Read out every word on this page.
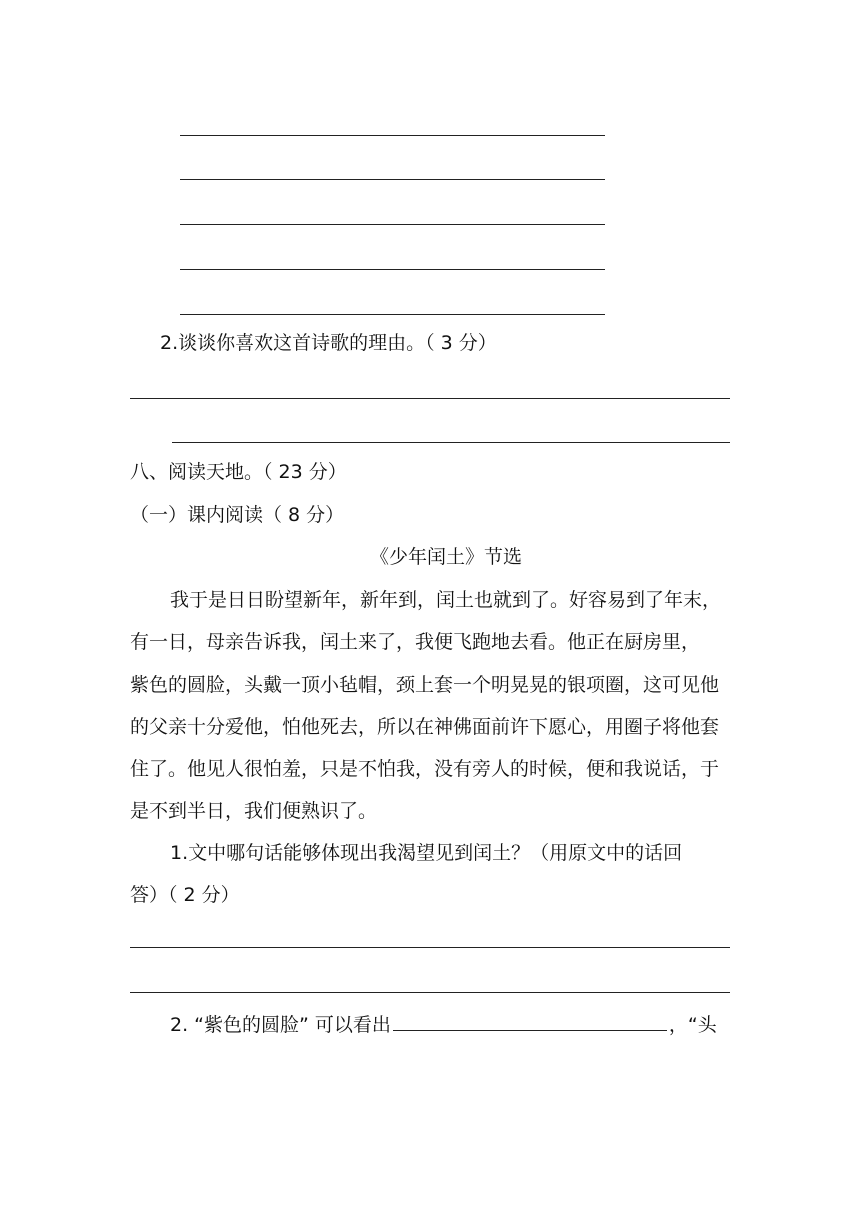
2.谈谈你喜欢这首诗歌的理由。（ 3 分）
八、阅读天地。（ 23 分）
（一）课内阅读（ 8 分）
《少年闰土》节选
我于是日日盼望新年，新年到，闰土也就到了。好容易到了年末，
有一日，母亲告诉我，闰土来了，我便飞跑地去看。他正在厨房里，
紫色的圆脸，头戴一顶小毡帽，颈上套一个明晃晃的银项圈，这可见他
的父亲十分爱他，怕他死去，所以在神佛面前许下愿心，用圈子将他套
住了。他见人很怕羞，只是不怕我，没有旁人的时候，便和我说话，于
是不到半日，我们便熟识了。
1.文中哪句话能够体现出我渴望见到闰土？（用原文中的话回
答）（ 2 分）
2. “紫色的圆脸” 可以看出	，“头
